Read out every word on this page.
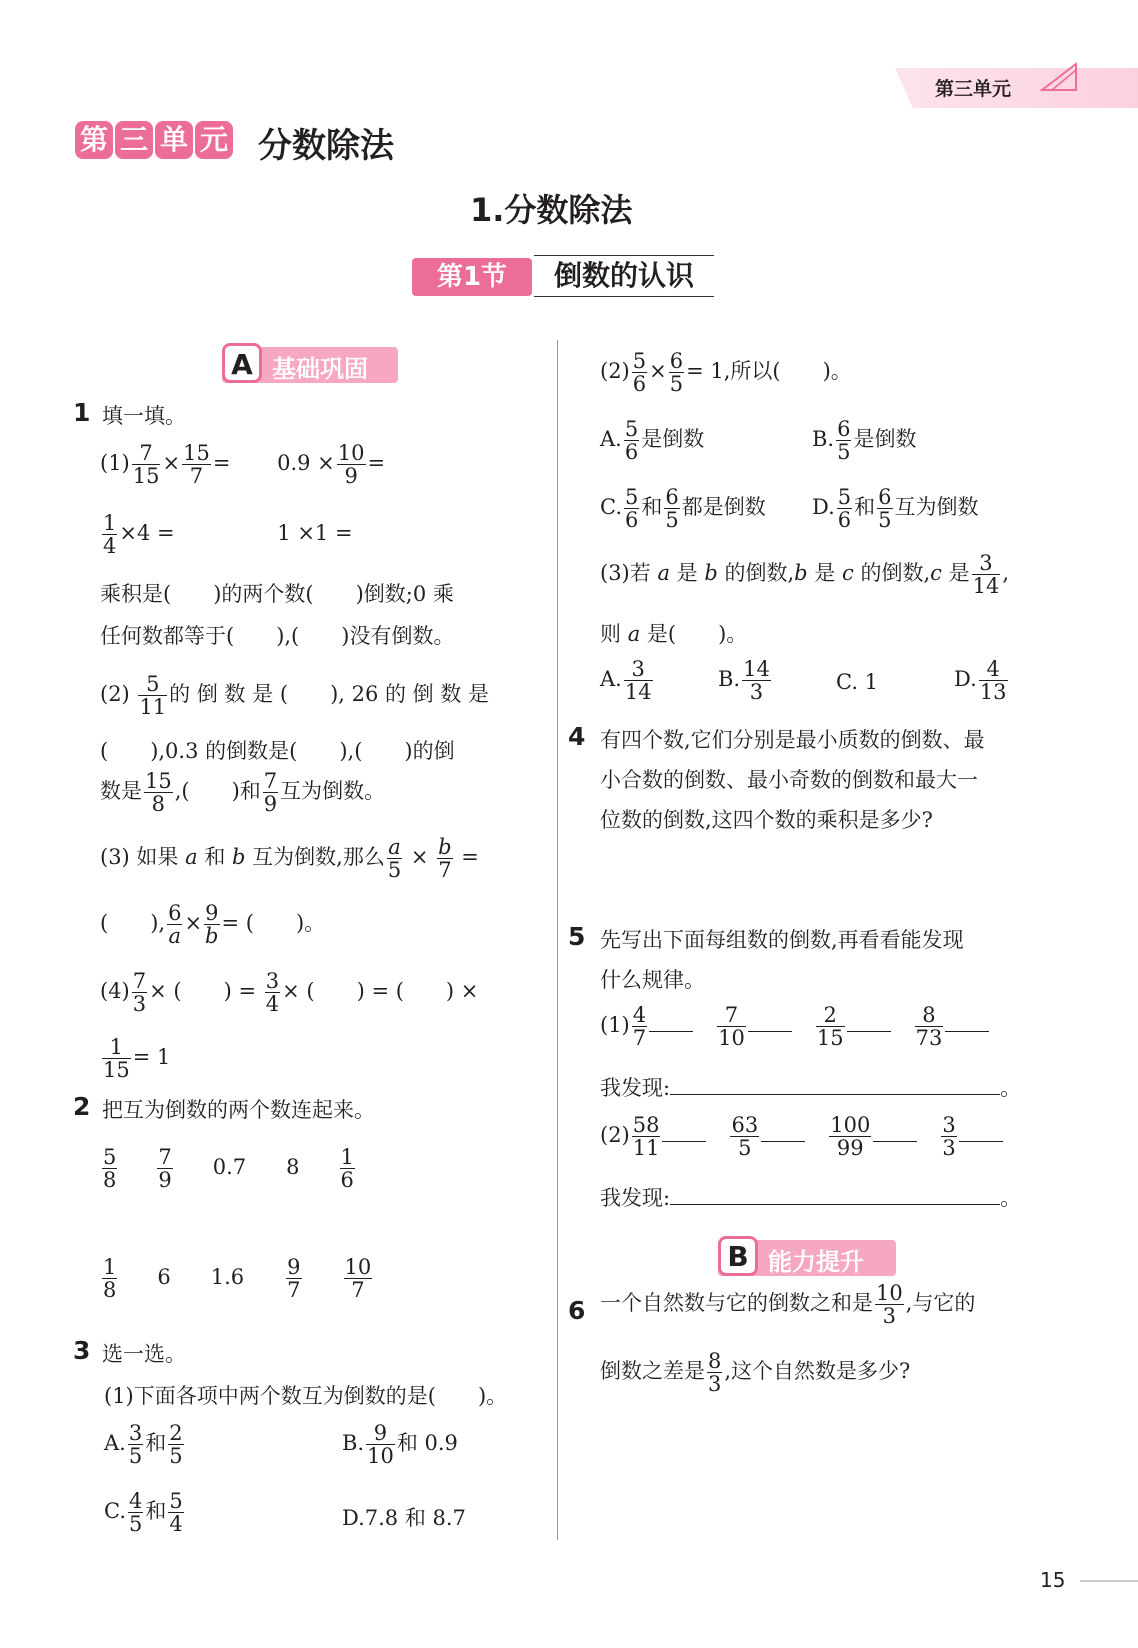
第三单元
第 三 单 元 分数除法
1.分数除法
第1节	倒数的认识
A 基础巩固
1 填一填。
$(1) \frac{7}{15} \times \frac{15}{7} = 0.9 \times \frac{10}{9}$ =
$\frac{1}{4} \times 4$ =	1 ×1 =
乘积是(　　)的两个数(　　)倒数;0 乘
任何数都等于(　　),(　　)没有倒数。
$(2) \frac{5}{11}$ 的 倒 数 是 (　　), 26 的 倒 数 是
(　　),0.3 的倒数是(　　),(　　)的倒
数是 $\frac{15}{8}$ ,(　　)和 $\frac{7}{9}$ 互为倒数。
(3) 如果 a 和 b 互为倒数,那么 $\frac{a}{5} \times \frac{b}{7}$ =
(　　), $\frac{6}{a} \times \frac{9}{b}$ = (　　)。
$(4) \frac{7}{3}$ × (　　) = $\frac{3}{4}$ × (　　) = (　　) ×
$\frac{1}{15} = 1$
2 把互为倒数的两个数连起来。
$\frac{5}{8} \frac{7}{9} 0.7$ $8 \frac{1}{6}$
$\frac{1}{8} 6$ $1.6 \frac{9}{7} \frac{10}{7}$
3 选一选。
(1)下面各项中两个数互为倒数的是(　　)。
A. $\frac{3}{5}$ 和 $\frac{2}{5}$	B. $\frac{9}{10}$ 和 0.9
C. $\frac{4}{5}$ 和 $\frac{5}{4}$	D.7.8 和 8.7
$(2) \frac{5}{6} \times \frac{6}{5} = 1$,所以(　　)。
A. $\frac{5}{6}$ 是倒数	B. $\frac{6}{5}$ 是倒数
C. $\frac{5}{6}$ 和 $\frac{6}{5}$ 都是倒数 D. $\frac{5}{6}$ 和 $\frac{6}{5}$ 互为倒数
(3)若 a 是 b 的倒数,b 是 c 的倒数,c 是 $\frac{3}{14}$ ,
则 a 是(　　)。
A. $\frac{3}{14}$	B. $\frac{14}{3}$	C. 1	D. $\frac{4}{13}$
4 有四个数,它们分别是最小质数的倒数、最
小合数的倒数、最小奇数的倒数和最大一
位数的倒数,这四个数的乘积是多少?
5 先写出下面每组数的倒数,再看看能发现
什么规律。
$(1) \frac{4}{7}$	$\frac{7}{10}$	$\frac{2}{15}$	$\frac{8}{73}$
我发现:	。
$(2) \frac{58}{11}$	$\frac{63}{5}$	$\frac{100}{99}$	$\frac{3}{3}$
我发现:	。
B 能力提升
6 一个自然数与它的倒数之和是 $\frac{10}{3}$ ,与它的
倒数之差是 $\frac{8}{3}$ ,这个自然数是多少?
15
